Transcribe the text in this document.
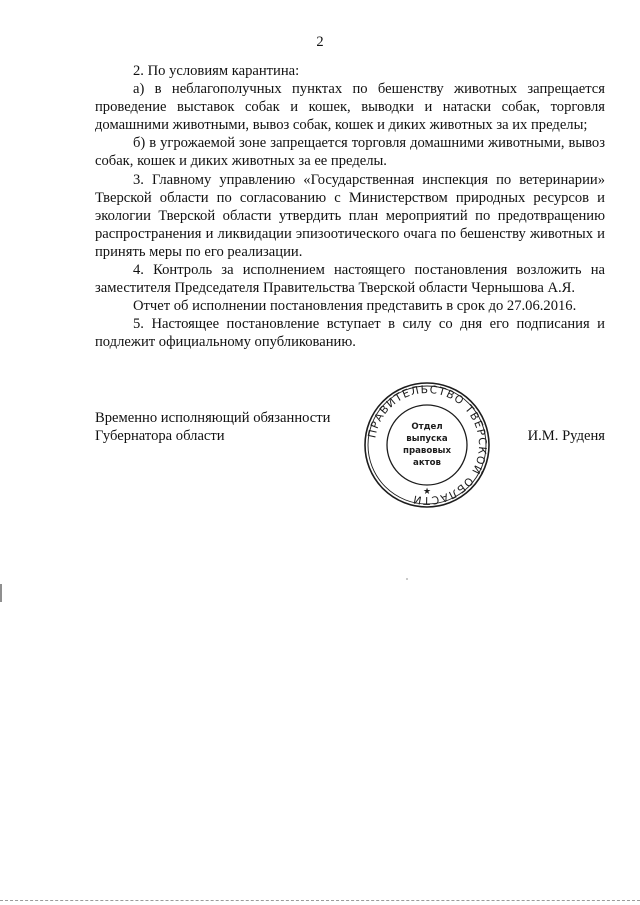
2

2. По условиям карантина:

а) в неблагополучных пунктах по бешенству животных запрещается проведение выставок собак и кошек, выводки и натаски собак, торговля домашними животными, вывоз собак, кошек и диких животных за их пределы;

б) в угрожаемой зоне запрещается торговля домашними животными, вывоз собак, кошек и диких животных за ее пределы.

3. Главному управлению «Государственная инспекция по ветеринарии» Тверской области по согласованию с Министерством природных ресурсов и экологии Тверской области утвердить план мероприятий по предотвращению распространения и ликвидации эпизоотического очага по бешенству животных и принять меры по его реализации.

4. Контроль за исполнением настоящего постановления возложить на заместителя Председателя Правительства Тверской области Чернышова А.Я.

Отчет об исполнении постановления представить в срок до 27.06.2016.

5. Настоящее постановление вступает в силу со дня его подписания и подлежит официальному опубликованию.

Временно исполняющий обязанности
Губернатора области	И.М. Руденя
ПРАВИТЕЛЬСТВО ТВЕРСКОЙ ОБЛАСТИ
Отдел
выпуска
правовых
актов
★
